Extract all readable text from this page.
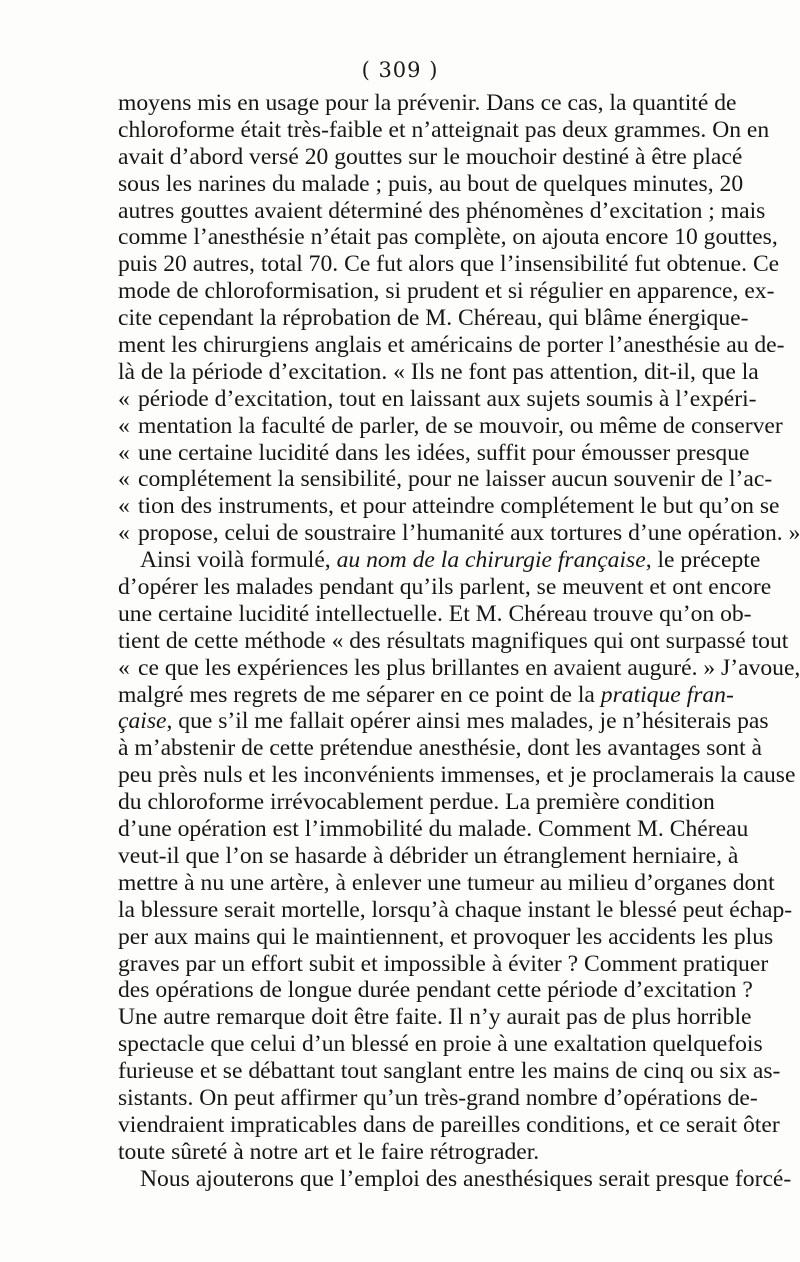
( 309 )
moyens mis en usage pour la prévenir. Dans ce cas, la quantité de
chloroforme était très-faible et n’atteignait pas deux grammes. On en
avait d’abord versé 20 gouttes sur le mouchoir destiné à être placé
sous les narines du malade ; puis, au bout de quelques minutes, 20
autres gouttes avaient déterminé des phénomènes d’excitation ; mais
comme l’anesthésie n’était pas complète, on ajouta encore 10 gouttes,
puis 20 autres, total 70. Ce fut alors que l’insensibilité fut obtenue. Ce
mode de chloroformisation, si prudent et si régulier en apparence, ex-
cite cependant la réprobation de M. Chéreau, qui blâme énergique-
ment les chirurgiens anglais et américains de porter l’anesthésie au de-
là de la période d’excitation. « Ils ne font pas attention, dit-il, que la
« période d’excitation, tout en laissant aux sujets soumis à l’expéri-
« mentation la faculté de parler, de se mouvoir, ou même de conserver
« une certaine lucidité dans les idées, suffit pour émousser presque
« complétement la sensibilité, pour ne laisser aucun souvenir de l’ac-
« tion des instruments, et pour atteindre complétement le but qu’on se
« propose, celui de soustraire l’humanité aux tortures d’une opération. »
Ainsi voilà formulé, au nom de la chirurgie française, le précepte
d’opérer les malades pendant qu’ils parlent, se meuvent et ont encore
une certaine lucidité intellectuelle. Et M. Chéreau trouve qu’on ob-
tient de cette méthode « des résultats magnifiques qui ont surpassé tout
« ce que les expériences les plus brillantes en avaient auguré. » J’avoue,
malgré mes regrets de me séparer en ce point de la pratique fran-
çaise, que s’il me fallait opérer ainsi mes malades, je n’hésiterais pas
à m’abstenir de cette prétendue anesthésie, dont les avantages sont à
peu près nuls et les inconvénients immenses, et je proclamerais la cause
du chloroforme irrévocablement perdue. La première condition
d’une opération est l’immobilité du malade. Comment M. Chéreau
veut-il que l’on se hasarde à débrider un étranglement herniaire, à
mettre à nu une artère, à enlever une tumeur au milieu d’organes dont
la blessure serait mortelle, lorsqu’à chaque instant le blessé peut échap-
per aux mains qui le maintiennent, et provoquer les accidents les plus
graves par un effort subit et impossible à éviter ? Comment pratiquer
des opérations de longue durée pendant cette période d’excitation ?
Une autre remarque doit être faite. Il n’y aurait pas de plus horrible
spectacle que celui d’un blessé en proie à une exaltation quelquefois
furieuse et se débattant tout sanglant entre les mains de cinq ou six as-
sistants. On peut affirmer qu’un très-grand nombre d’opérations de-
viendraient impraticables dans de pareilles conditions, et ce serait ôter
toute sûreté à notre art et le faire rétrograder.
Nous ajouterons que l’emploi des anesthésiques serait presque forcé-
